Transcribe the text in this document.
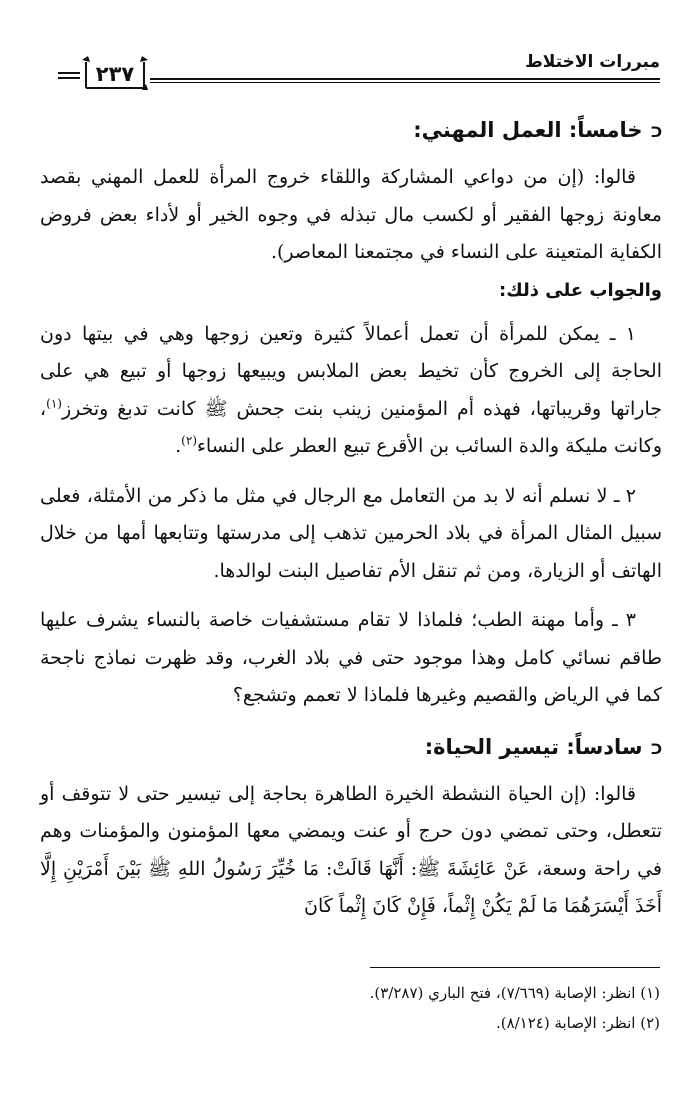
مبررات الاختلاط
٢٣٧
ᑐخامساً: العمل المهني:

قالوا: (إن من دواعي المشاركة واللقاء خروج المرأة للعمل المهني بقصد معاونة زوجها الفقير أو لكسب مال تبذله في وجوه الخير أو لأداء بعض فروض الكفاية المتعينة على النساء في مجتمعنا المعاصر).

والجواب على ذلك:

١ ـ يمكن للمرأة أن تعمل أعمالاً كثيرة وتعين زوجها وهي في بيتها دون الحاجة إلى الخروج كأن تخيط بعض الملابس ويبيعها زوجها أو تبيع هي على جاراتها وقريباتها، فهذه أم المؤمنين زينب بنت جحش ﷺ كانت تدبغ وتخرز$^{(١)}$، وكانت مليكة والدة السائب بن الأقرع تبيع العطر على النساء$^{(٢)}$.

٢ ـ لا نسلم أنه لا بد من التعامل مع الرجال في مثل ما ذكر من الأمثلة، فعلى سبيل المثال المرأة في بلاد الحرمين تذهب إلى مدرستها وتتابعها أمها من خلال الهاتف أو الزيارة، ومن ثم تنقل الأم تفاصيل البنت لوالدها.

٣ ـ وأما مهنة الطب؛ فلماذا لا تقام مستشفيات خاصة بالنساء يشرف عليها طاقم نسائي كامل وهذا موجود حتى في بلاد الغرب، وقد ظهرت نماذج ناجحة كما في الرياض والقصيم وغيرها فلماذا لا تعمم وتشجع؟

ᑐسادساً: تيسير الحياة:

قالوا: (إن الحياة النشطة الخيرة الطاهرة بحاجة إلى تيسير حتى لا تتوقف أو تتعطل، وحتى تمضي دون حرج أو عنت ويمضي معها المؤمنون والمؤمنات وهم في راحة وسعة، عَنْ عَائِشَةَ ﷺ: أَنَّهَا قَالَتْ: مَا خُيِّرَ رَسُولُ اللهِ ﷺ بَيْنَ أَمْرَيْنِ إِلَّا أَخَذَ أَيْسَرَهُمَا مَا لَمْ يَكُنْ إِثْماً، فَإِنْ كَانَ إِثْماً كَانَ

(١) انظر: الإصابة (٧/٦٦٩)، فتح الباري (٣/٢٨٧).

(٢) انظر: الإصابة (٨/١٢٤).
